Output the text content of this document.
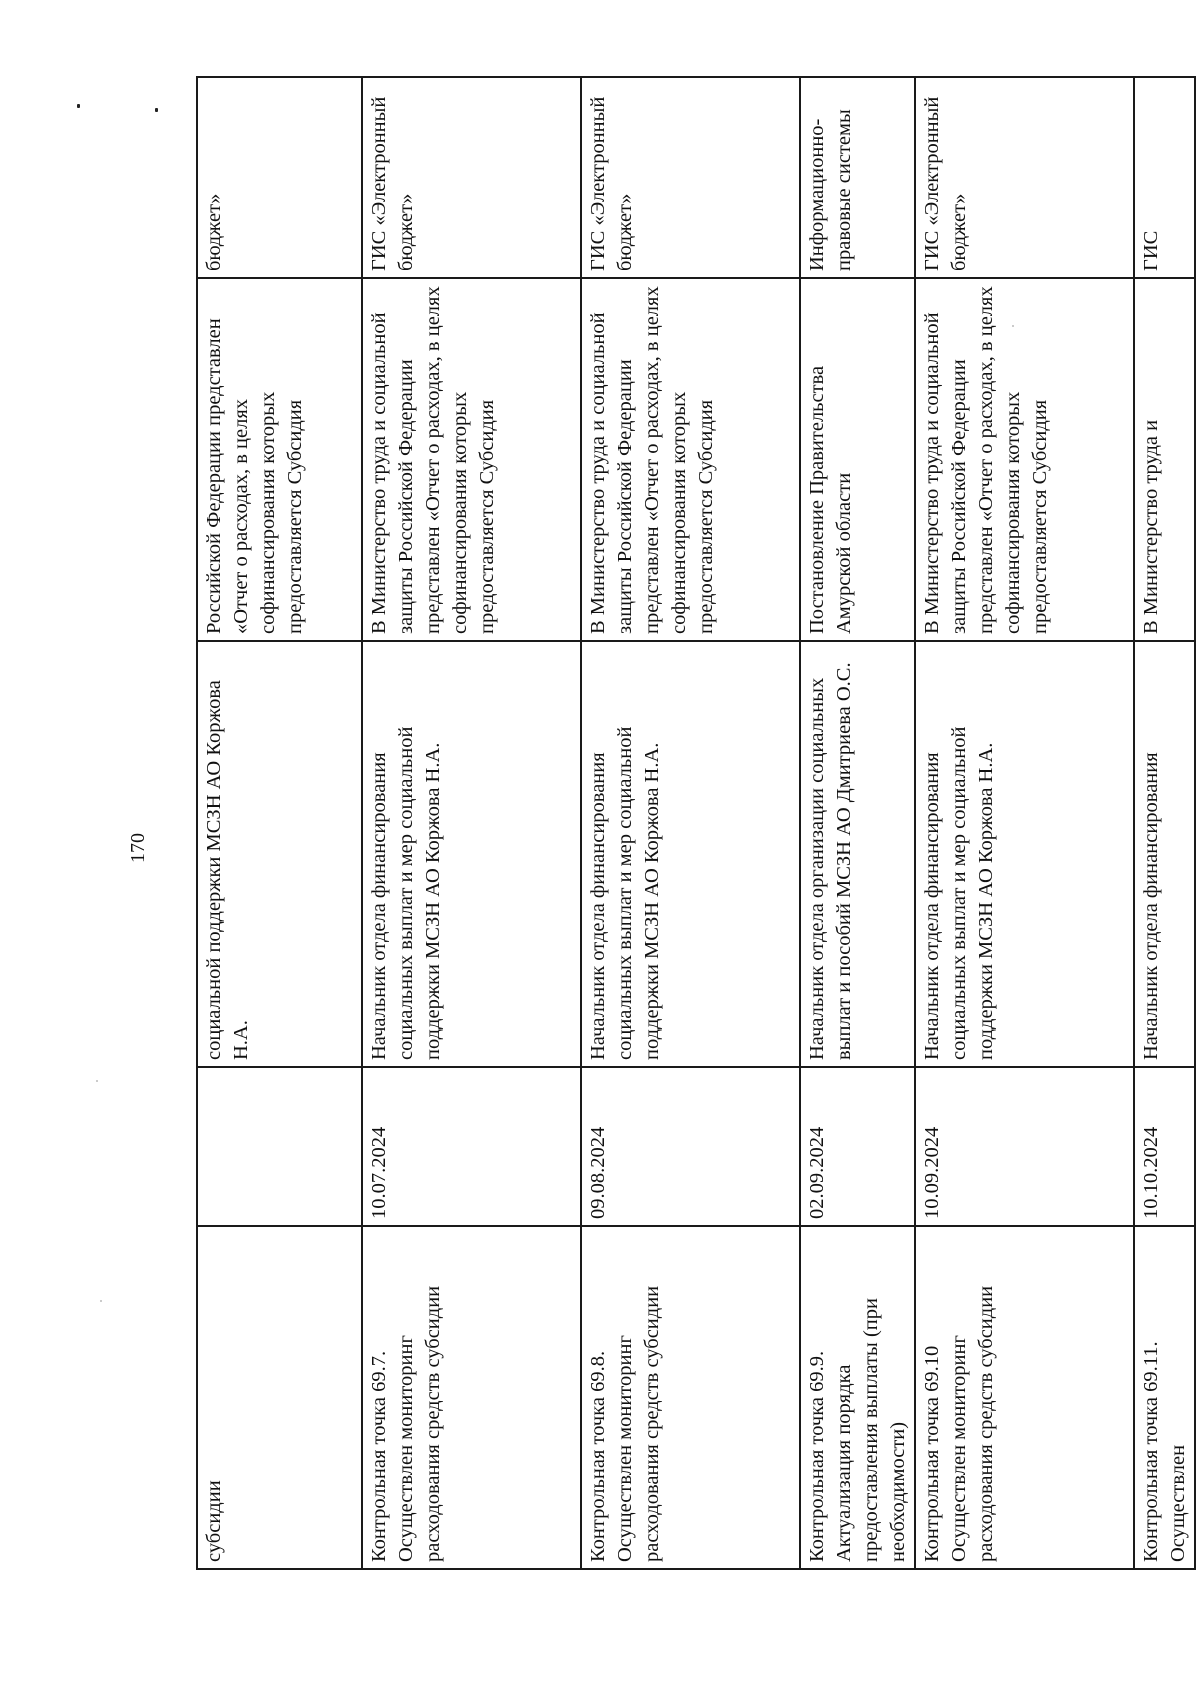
170
субсидии		социальной поддержки МСЗН АО Коржова Н.А.	Российской Федерации представлен «Отчет о расходах, в целях софинансирования которых предоставляется Субсидия	бюджет»
Контрольная точка 69.7. Осуществлен мониторинг расходования средств субсидии	10.07.2024	Начальник отдела финансирования социальных выплат и мер социальной поддержки МСЗН АО Коржова Н.А.	В Министерство труда и социальной защиты Российской Федерации представлен «Отчет о расходах, в целях софинансирования которых предоставляется Субсидия	ГИС «Электронный бюджет»
Контрольная точка 69.8. Осуществлен мониторинг расходования средств субсидии	09.08.2024	Начальник отдела финансирования социальных выплат и мер социальной поддержки МСЗН АО Коржова Н.А.	В Министерство труда и социальной защиты Российской Федерации представлен «Отчет о расходах, в целях софинансирования которых предоставляется Субсидия	ГИС «Электронный бюджет»
Контрольная точка 69.9. Актуализация порядка предоставления выплаты (при необходимости)	02.09.2024	Начальник отдела организации социальных выплат и пособий МСЗН АО Дмитриева О.С.	Постановление Правительства Амурской области	Информационно-правовые системы
Контрольная точка 69.10 Осуществлен мониторинг расходования средств субсидии	10.09.2024	Начальник отдела финансирования социальных выплат и мер социальной поддержки МСЗН АО Коржова Н.А.	В Министерство труда и социальной защиты Российской Федерации представлен «Отчет о расходах, в целях софинансирования которых предоставляется Субсидия	ГИС «Электронный бюджет»
Контрольная точка 69.11. Осуществлен	10.10.2024	Начальник отдела финансирования	В Министерство труда и	ГИС
